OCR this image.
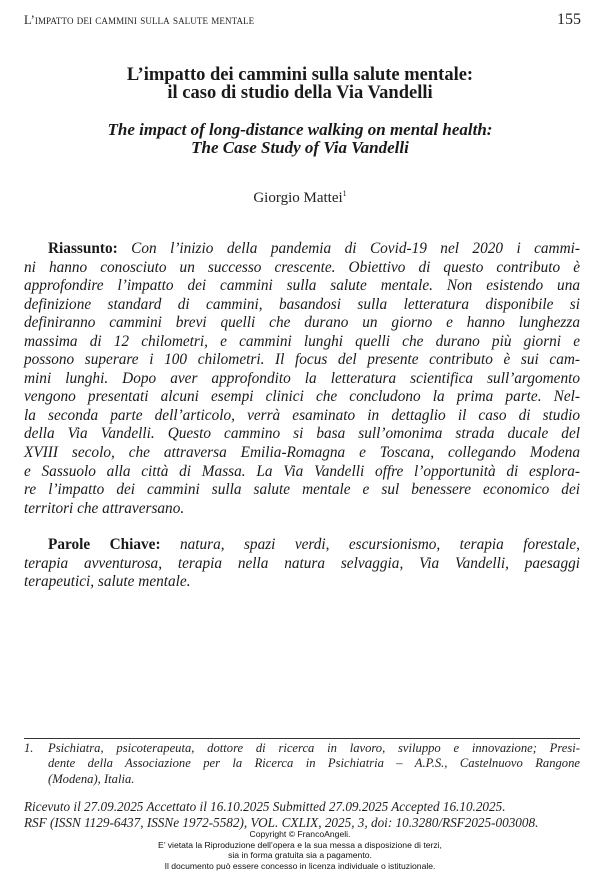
L’impatto dei cammini sulla salute mentale	155
L’impatto dei cammini sulla salute mentale:
il caso di studio della Via Vandelli
The impact of long-distance walking on mental health:
The Case Study of Via Vandelli
Giorgio Mattei$^1$
Riassunto: Con l’inizio della pandemia di Covid-19 nel 2020 i cammi-
ni hanno conosciuto un successo crescente. Obiettivo di questo contributo è
approfondire l’impatto dei cammini sulla salute mentale. Non esistendo una
definizione standard di cammini, basandosi sulla letteratura disponibile si
definiranno cammini brevi quelli che durano un giorno e hanno lunghezza
massima di 12 chilometri, e cammini lunghi quelli che durano più giorni e
possono superare i 100 chilometri. Il focus del presente contributo è sui cam-
mini lunghi. Dopo aver approfondito la letteratura scientifica sull’argomento
vengono presentati alcuni esempi clinici che concludono la prima parte. Nel-
la seconda parte dell’articolo, verrà esaminato in dettaglio il caso di studio
della Via Vandelli. Questo cammino si basa sull’omonima strada ducale del
XVIII secolo, che attraversa Emilia-Romagna e Toscana, collegando Modena
e Sassuolo alla città di Massa. La Via Vandelli offre l’opportunità di esplora-
re l’impatto dei cammini sulla salute mentale e sul benessere economico dei
territori che attraversano.
Parole Chiave: natura, spazi verdi, escursionismo, terapia forestale,
terapia avventurosa, terapia nella natura selvaggia, Via Vandelli, paesaggi
terapeutici, salute mentale.
1. Psichiatra, psicoterapeuta, dottore di ricerca in lavoro, sviluppo e innovazione; Presi-
dente della Associazione per la Ricerca in Psichiatria – A.P.S., Castelnuovo Rangone
(Modena), Italia.
Ricevuto il 27.09.2025 Accettato il 16.10.2025 Submitted 27.09.2025 Accepted 16.10.2025.
RSF (ISSN 1129-6437, ISSNe 1972-5582), VOL. CXLIX, 2025, 3, doi: 10.3280/RSF2025-003008.
Copyright © FrancoAngeli.
E’ vietata la Riproduzione dell’opera e la sua messa a disposizione di terzi,
sia in forma gratuita sia a pagamento.
Il documento può essere concesso in licenza individuale o istituzionale.
